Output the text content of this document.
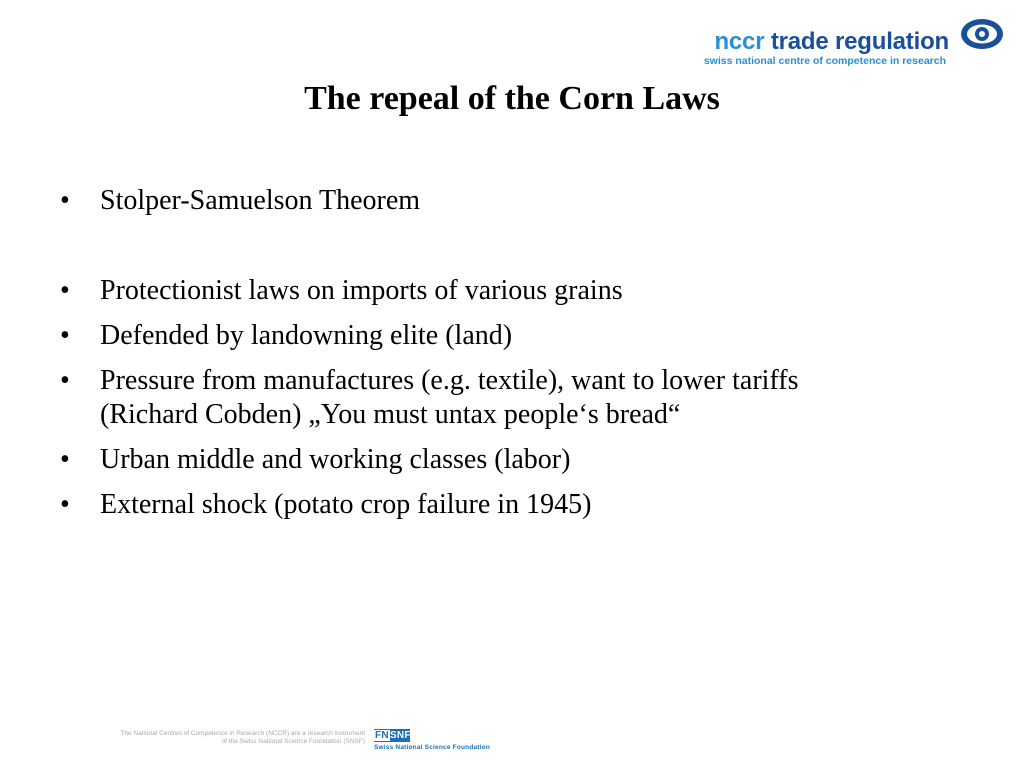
nccr trade regulation
swiss national centre of competence in research
The repeal of the Corn Laws
• Stolper-Samuelson Theorem
• Protectionist laws on imports of various grains
• Defended by landowning elite (land)
• Pressure from manufactures (e.g. textile), want to lower tariffs
(Richard Cobden) „You must untax people‘s bread“
• Urban middle and working classes (labor)
• External shock (potato crop failure in 1945)
The National Centres of Competence in Research (NCCR) are a research instrument
of the Swiss National Science Foundation (SNSF)
FNSNF
Swiss National Science Foundation
